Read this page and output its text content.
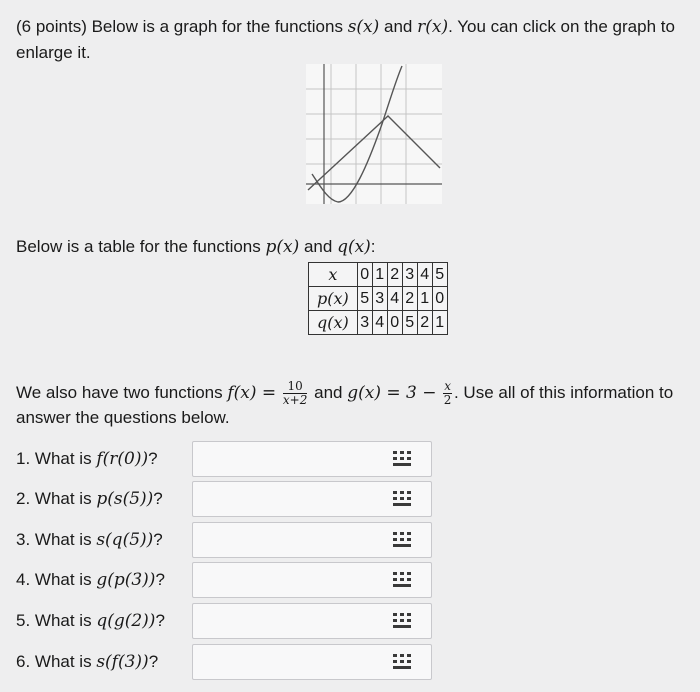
(6 points) Below is a graph for the functions s(x) and r(x). You can click on the graph to enlarge it.
Below is a table for the functions p(x) and q(x):
x	0	1	2	3	4	5
p(x)	5	3	4	2	1	0
q(x)	3	4	0	5	2	1
We also have two functions $f(x) = \frac{10}{x+2}$ and $g(x) = 3 - \frac{x}{2}$ . Use all of this information to answer the questions below.
1. What is f(r(0))?
2. What is p(s(5))?
3. What is s(q(5))?
4. What is g(p(3))?
5. What is q(g(2))?
6. What is s(f(3))?
